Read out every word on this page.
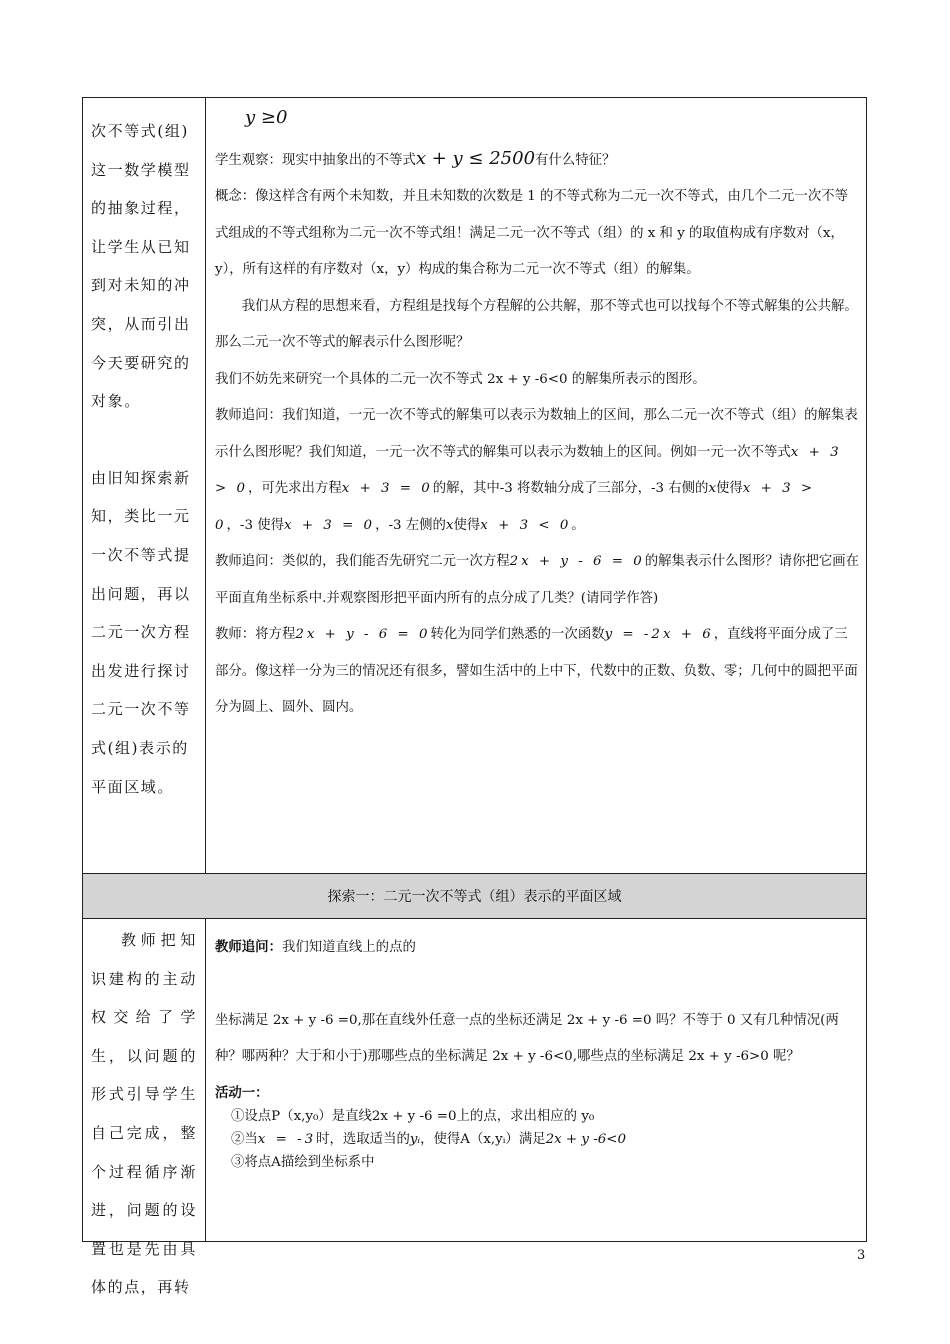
次不等式(组)这一数学模型的抽象过程，让学生从已知到对未知的冲突，从而引出今天要研究的对象。
由旧知探索新知，类比一元一次不等式提出问题，再以二元一次方程出发进行探讨二元一次不等式(组)表示的平面区域。

y ≥0

学生观察：现实中抽象出的不等式x + y ≤ 2500有什么特征？

概念：像这样含有两个未知数，并且未知数的次数是 1 的不等式称为二元一次不等式，由几个二元一次不等式组成的不等式组称为二元一次不等式组！满足二元一次不等式（组）的 x 和 y 的取值构成有序数对（x，y），所有这样的有序数对（x，y）构成的集合称为二元一次不等式（组）的解集。

我们从方程的思想来看，方程组是找每个方程解的公共解，那不等式也可以找每个不等式解集的公共解。那么二元一次不等式的解表示什么图形呢？

我们不妨先来研究一个具体的二元一次不等式 2x + y -6<0 的解集所表示的图形。

教师追问：我们知道，一元一次不等式的解集可以表示为数轴上的区间，那么二元一次不等式（组）的解集表示什么图形呢？我们知道，一元一次不等式的解集可以表示为数轴上的区间。例如一元一次不等式x + 3 > 0，可先求出方程x + 3 = 0的解，其中-3 将数轴分成了三部分，-3 右侧的x使得x + 3 > 0，-3 使得x + 3 = 0，-3 左侧的x使得x + 3 < 0。

教师追问：类似的，我们能否先研究二元一次方程2x + y - 6 = 0的解集表示什么图形？请你把它画在平面直角坐标系中.并观察图形把平面内所有的点分成了几类？(请同学作答)

教师：将方程2x + y - 6 = 0转化为同学们熟悉的一次函数y = -2x + 6，直线将平面分成了三部分。像这样一分为三的情况还有很多，譬如生活中的上中下，代数中的正数、负数、零；几何中的圆把平面分为圆上、圆外、圆内。

探索一：二元一次不等式（组）表示的平面区域
教师把知识建构的主动权交给了学生，以问题的形式引导学生自己完成，整个过程循序渐进，问题的设置也是先由具体的点，再转

教师追问：我们知道直线上的点的

坐标满足 2x + y -6 =0,那在直线外任意一点的坐标还满足 2x + y -6 =0 吗？不等于 0 又有几种情况(两种？哪两种？大于和小于)那哪些点的坐标满足 2x + y -6<0,哪些点的坐标满足 2x + y -6>0 呢？

活动一：
①设点P（x,y₀）是直线2x + y -6 =0上的点，求出相应的 y₀
②当x = -3时，选取适当的yᵢ，使得A（x,yᵢ）满足2x + y -6<0
③将点A描绘到坐标系中
3
